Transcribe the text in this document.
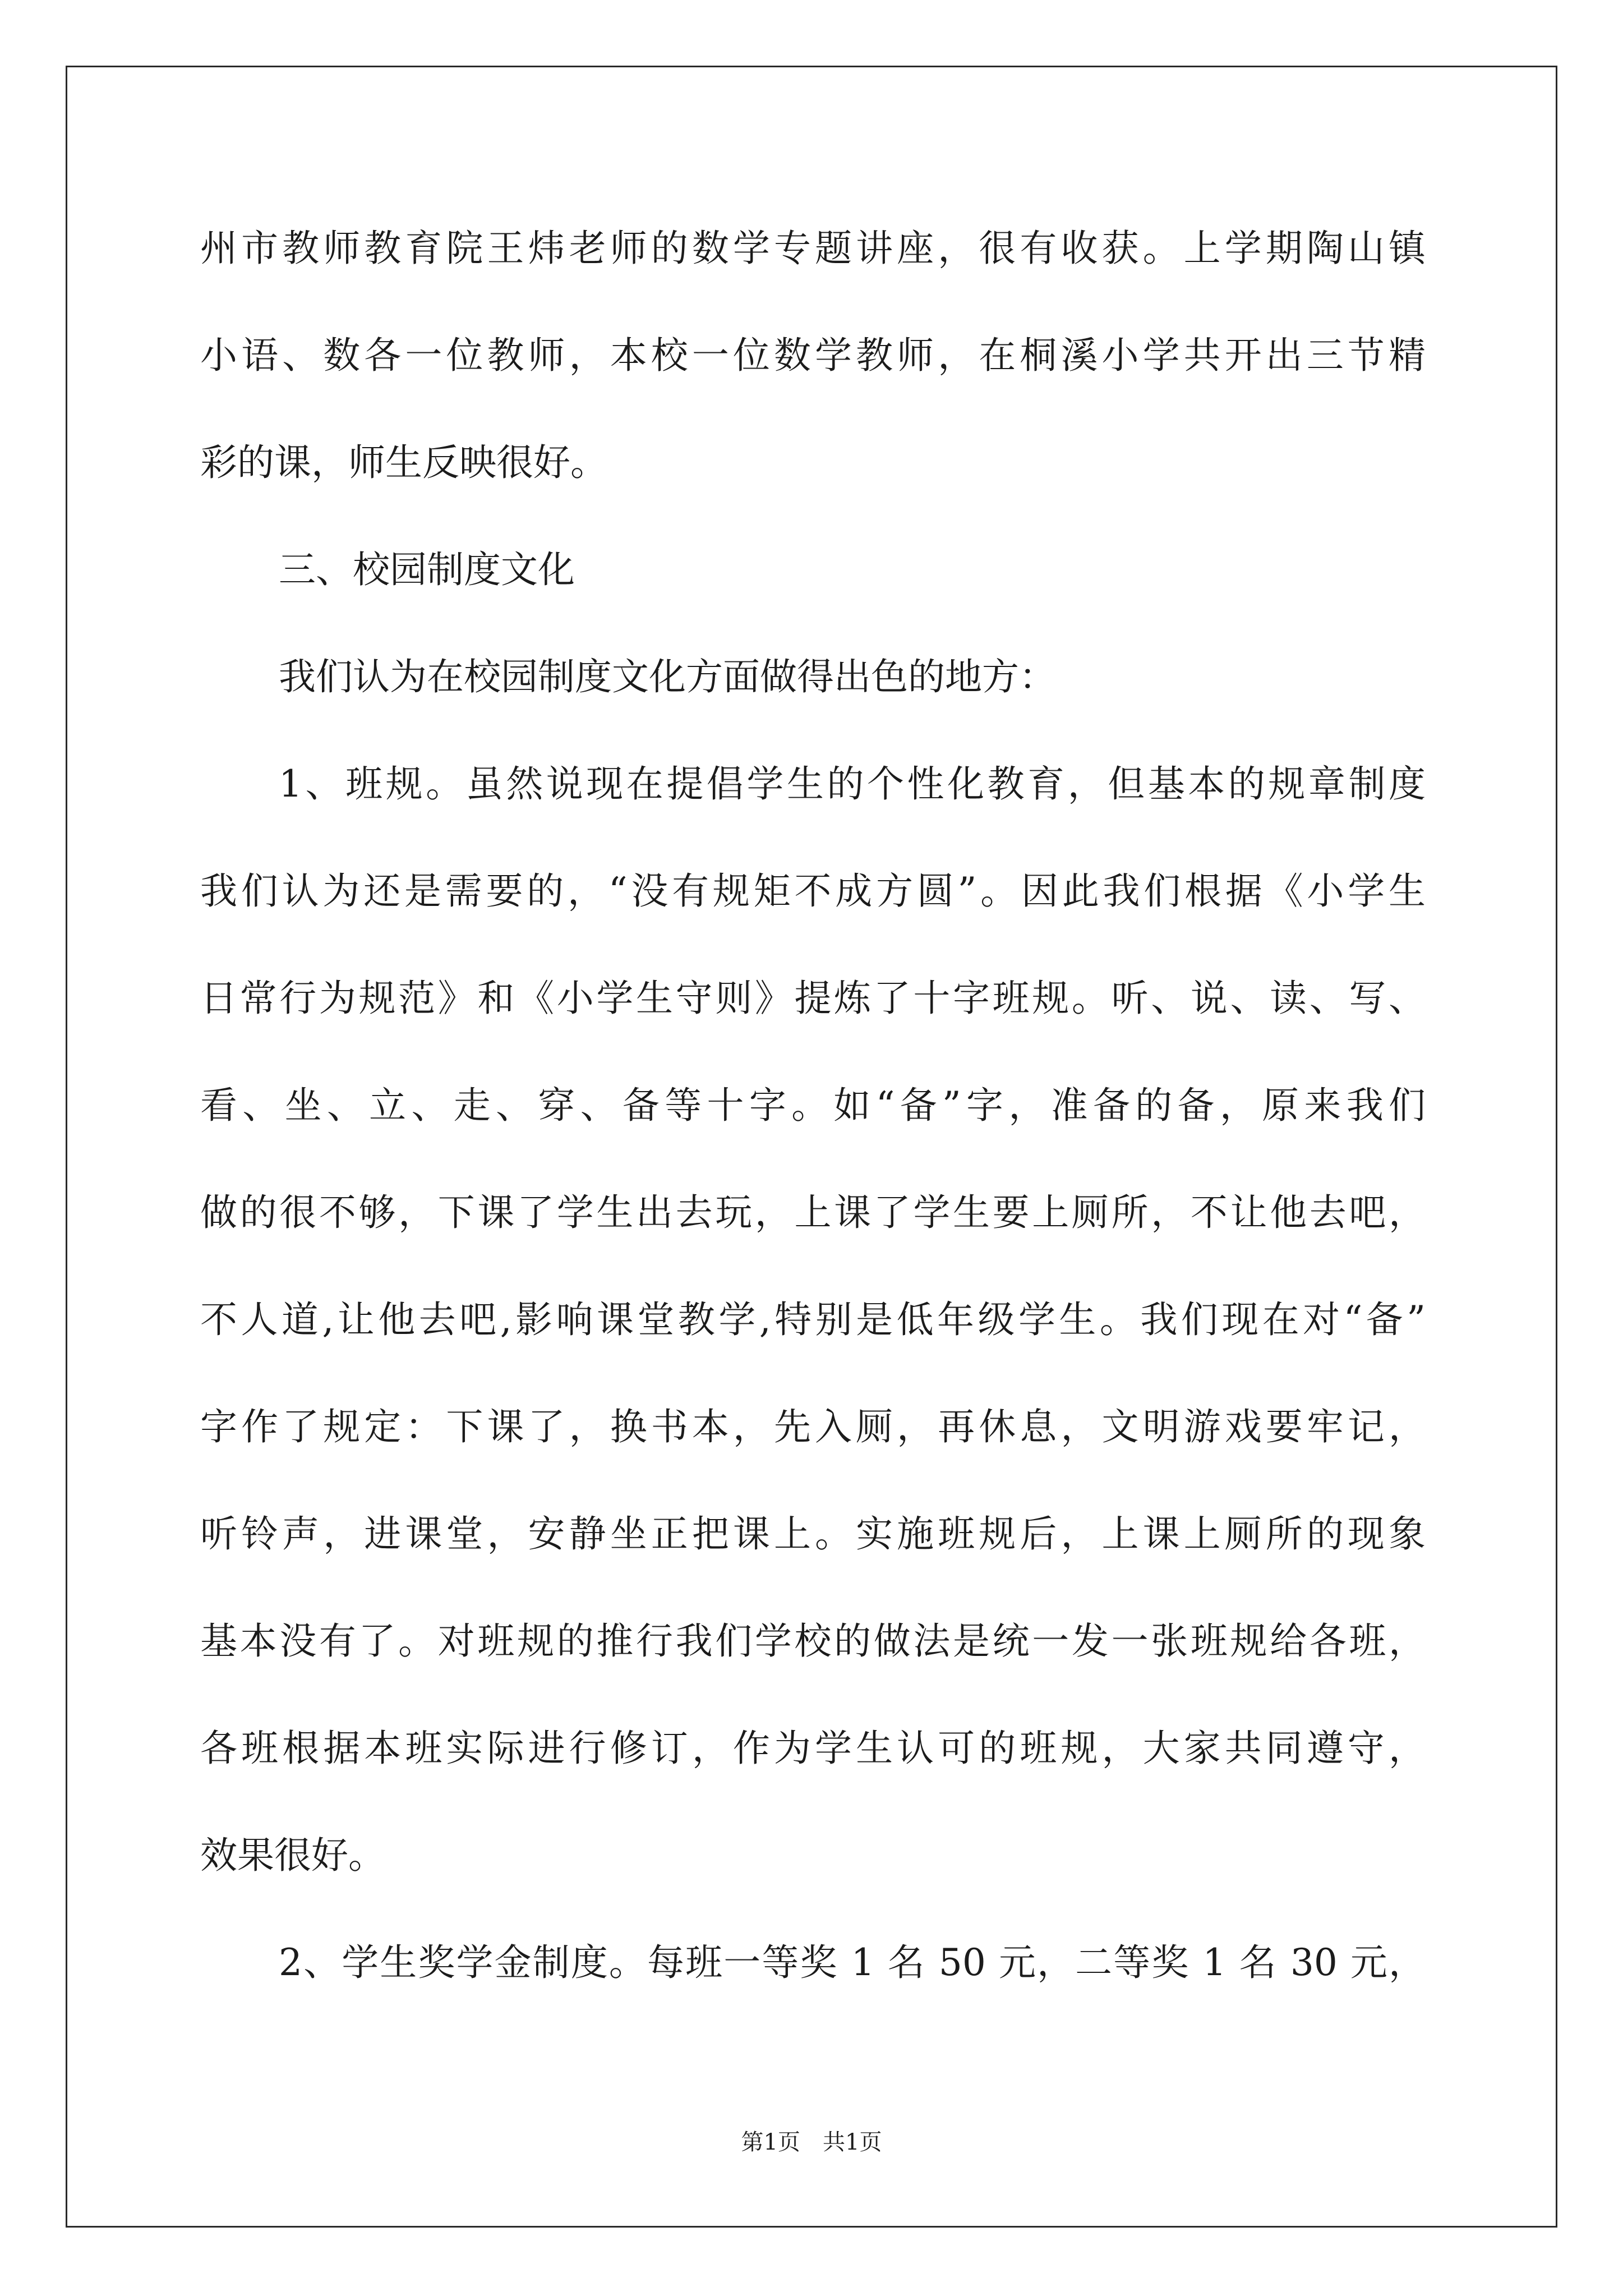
州市教师教育院王炜老师的数学专题讲座，很有收获。上学期陶山镇
小语、数各一位教师，本校一位数学教师，在桐溪小学共开出三节精
彩的课，师生反映很好。
三、校园制度文化
我们认为在校园制度文化方面做得出色的地方：
1、班规。虽然说现在提倡学生的个性化教育，但基本的规章制度
我们认为还是需要的，“没有规矩不成方圆”。因此我们根据《小学生
日常行为规范》和《小学生守则》提炼了十字班规。听、说、读、写、
看、坐、立、走、穿、备等十字。如“备”字，准备的备，原来我们
做的很不够，下课了学生出去玩，上课了学生要上厕所，不让他去吧，
不人道,让他去吧,影响课堂教学,特别是低年级学生。我们现在对“备”
字作了规定：下课了，换书本，先入厕，再休息，文明游戏要牢记，
听铃声，进课堂，安静坐正把课上。实施班规后，上课上厕所的现象
基本没有了。对班规的推行我们学校的做法是统一发一张班规给各班，
各班根据本班实际进行修订，作为学生认可的班规，大家共同遵守，
效果很好。
2、学生奖学金制度。每班一等奖 1 名 50 元，二等奖 1 名 30 元，
第1页　共1页
